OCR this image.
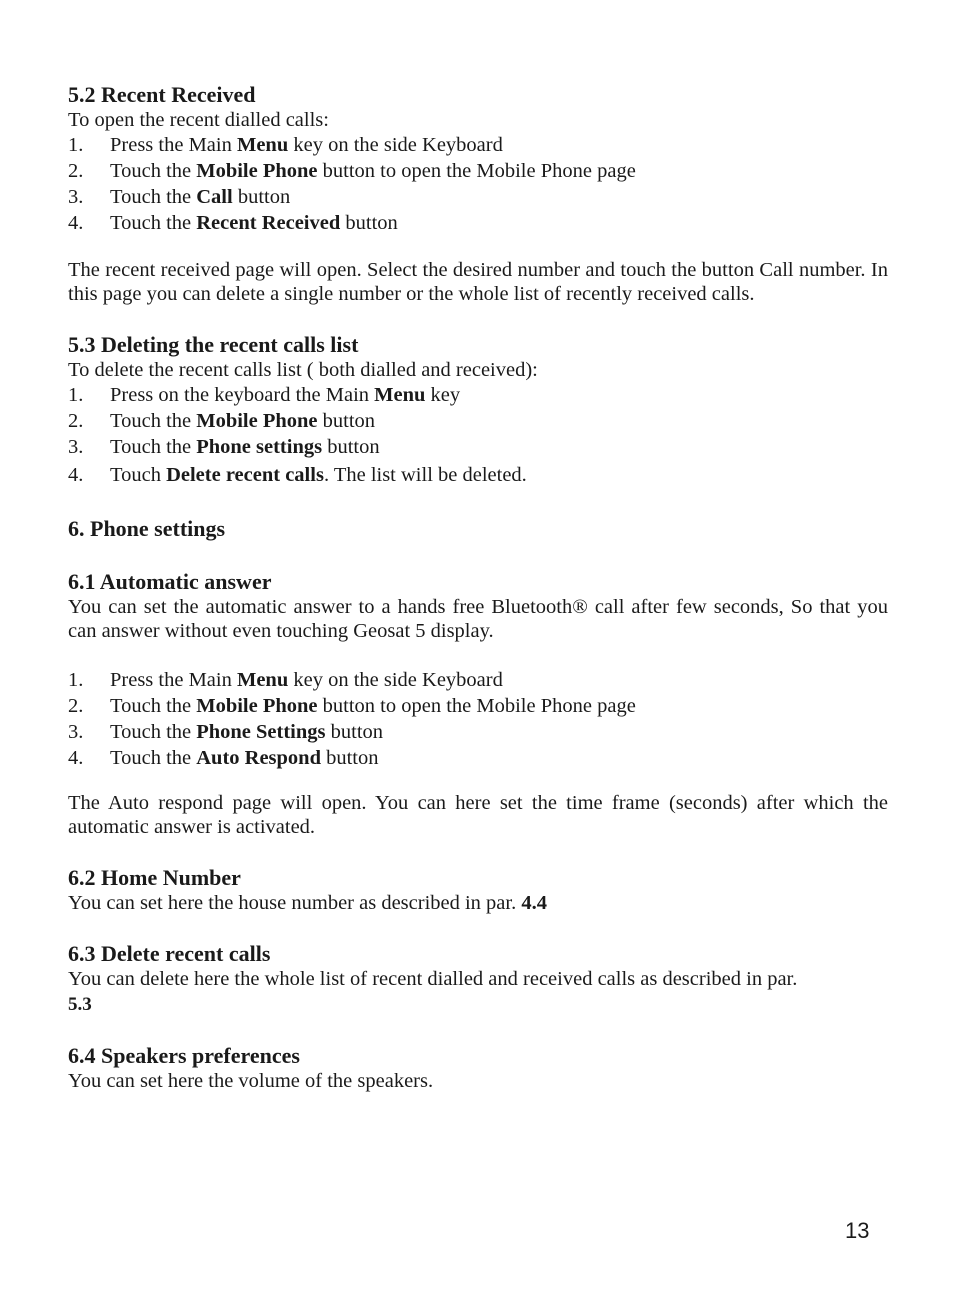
5.2 Recent Received

To open the recent dialled calls:

1. Press the Main Menu key on the side Keyboard
2. Touch the Mobile Phone button to open the Mobile Phone page
3. Touch the Call button
4. Touch the Recent Received button

The recent received page will open. Select the desired number and touch the button Call number. In this page you can delete a single number or the whole list of recently received calls.

5.3 Deleting the recent calls list

To delete the recent calls list ( both dialled and received):

1. Press on the keyboard the Main Menu key
2. Touch the Mobile Phone button
3. Touch the Phone settings button
4. Touch Delete recent calls. The list will be deleted.
6. Phone settings
6.1 Automatic answer

You can set the automatic answer to a hands free Bluetooth® call after few seconds, So that you can answer without even touching Geosat 5 display.

1. Press the Main Menu key on the side Keyboard
2. Touch the Mobile Phone button to open the Mobile Phone page
3. Touch the Phone Settings button
4. Touch the Auto Respond button

The Auto respond page will open. You can here set the time frame (seconds) after which the automatic answer is activated.

6.2 Home Number

You can set here the house number as described in par. 4.4

6.3 Delete recent calls

You can delete here the whole list of recent dialled and received calls as described in par.

5.3

6.4 Speakers preferences

You can set here the volume of the speakers.

13
